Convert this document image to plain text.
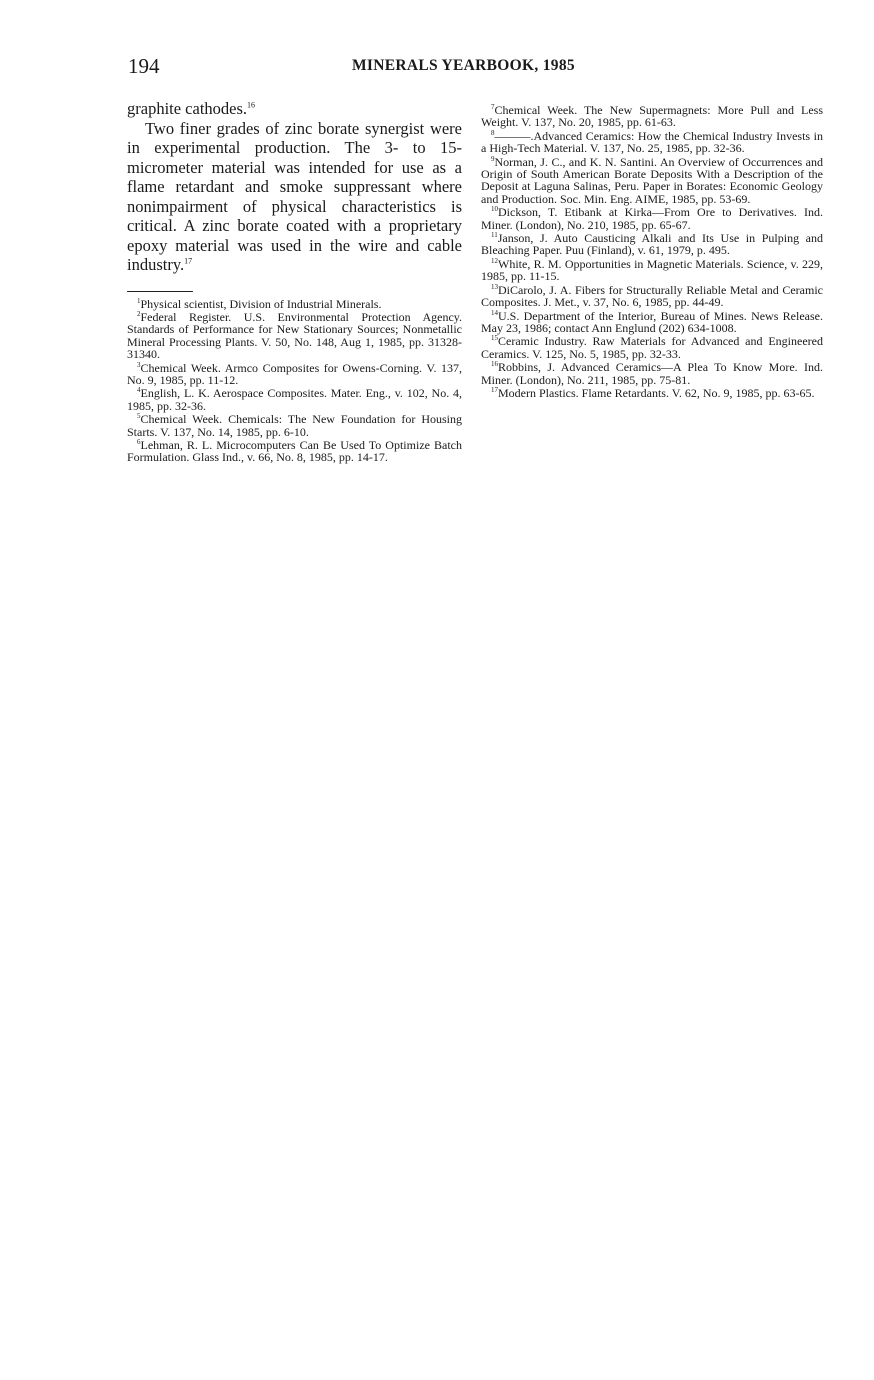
194	MINERALS YEARBOOK, 1985

graphite cathodes.$^{16}$

Two finer grades of zinc borate synergist were in experimental production. The 3- to 15-micrometer material was intended for use as a flame retardant and smoke suppressant where nonimpairment of physical characteristics is critical. A zinc borate coated with a proprietary epoxy material was used in the wire and cable industry.$^{17}$

$^1$Physical scientist, Division of Industrial Minerals.

$^2$Federal Register. U.S. Environmental Protection Agency. Standards of Performance for New Stationary Sources; Nonmetallic Mineral Processing Plants. V. 50, No. 148, Aug 1, 1985, pp. 31328-31340.

$^3$Chemical Week. Armco Composites for Owens-Corning. V. 137, No. 9, 1985, pp. 11-12.

$^4$English, L. K. Aerospace Composites. Mater. Eng., v. 102, No. 4, 1985, pp. 32-36.

$^5$Chemical Week. Chemicals: The New Foundation for Housing Starts. V. 137, No. 14, 1985, pp. 6-10.

$^6$Lehman, R. L. Microcomputers Can Be Used To Optimize Batch Formulation. Glass Ind., v. 66, No. 8, 1985, pp. 14-17.

$^7$Chemical Week. The New Supermagnets: More Pull and Less Weight. V. 137, No. 20, 1985, pp. 61-63.

$^8$———.Advanced Ceramics: How the Chemical Industry Invests in a High-Tech Material. V. 137, No. 25, 1985, pp. 32-36.

$^9$Norman, J. C., and K. N. Santini. An Overview of Occurrences and Origin of South American Borate Deposits With a Description of the Deposit at Laguna Salinas, Peru. Paper in Borates: Economic Geology and Production. Soc. Min. Eng. AIME, 1985, pp. 53-69.

$^{10}$Dickson, T. Etibank at Kirka—From Ore to Derivatives. Ind. Miner. (London), No. 210, 1985, pp. 65-67.

$^{11}$Janson, J. Auto Causticing Alkali and Its Use in Pulping and Bleaching Paper. Puu (Finland), v. 61, 1979, p. 495.

$^{12}$White, R. M. Opportunities in Magnetic Materials. Science, v. 229, 1985, pp. 11-15.

$^{13}$DiCarolo, J. A. Fibers for Structurally Reliable Metal and Ceramic Composites. J. Met., v. 37, No. 6, 1985, pp. 44-49.

$^{14}$U.S. Department of the Interior, Bureau of Mines. News Release. May 23, 1986; contact Ann Englund (202) 634-1008.

$^{15}$Ceramic Industry. Raw Materials for Advanced and Engineered Ceramics. V. 125, No. 5, 1985, pp. 32-33.

$^{16}$Robbins, J. Advanced Ceramics—A Plea To Know More. Ind. Miner. (London), No. 211, 1985, pp. 75-81.

$^{17}$Modern Plastics. Flame Retardants. V. 62, No. 9, 1985, pp. 63-65.
